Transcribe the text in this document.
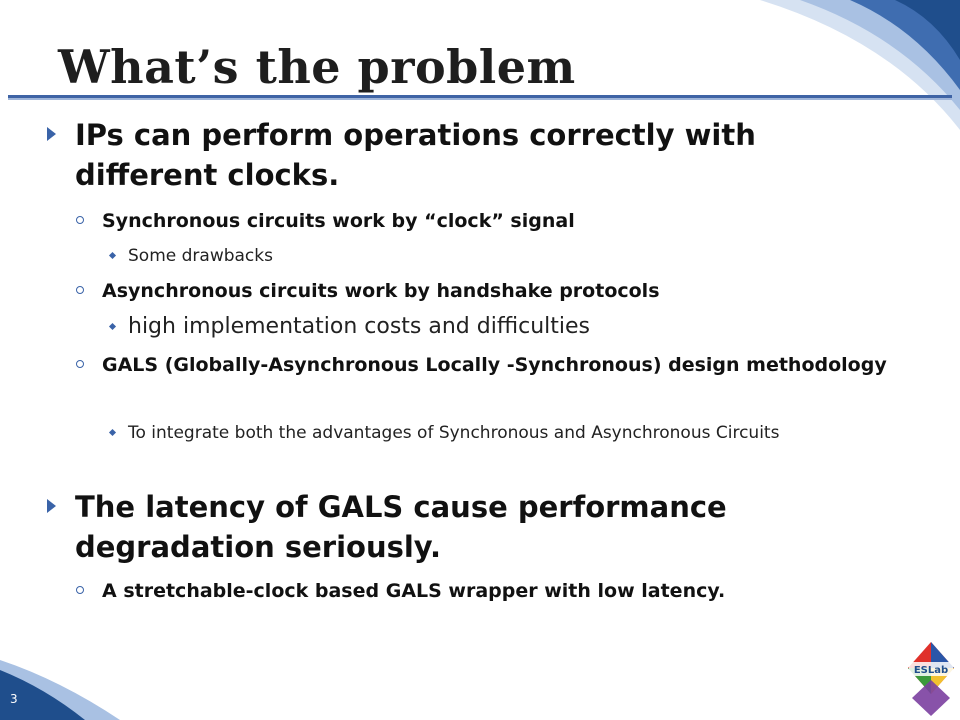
What’s the problem
IPs can perform operations correctly with different clocks.
Synchronous circuits work by “clock” signal
Some drawbacks
Asynchronous circuits work by handshake protocols
high implementation costs and difficulties
GALS (Globally-Asynchronous Locally -Synchronous) design methodology
To integrate both the advantages of Synchronous and Asynchronous Circuits
The latency of GALS cause performance degradation seriously.
A stretchable-clock based GALS wrapper with low latency.
3
ESLab
